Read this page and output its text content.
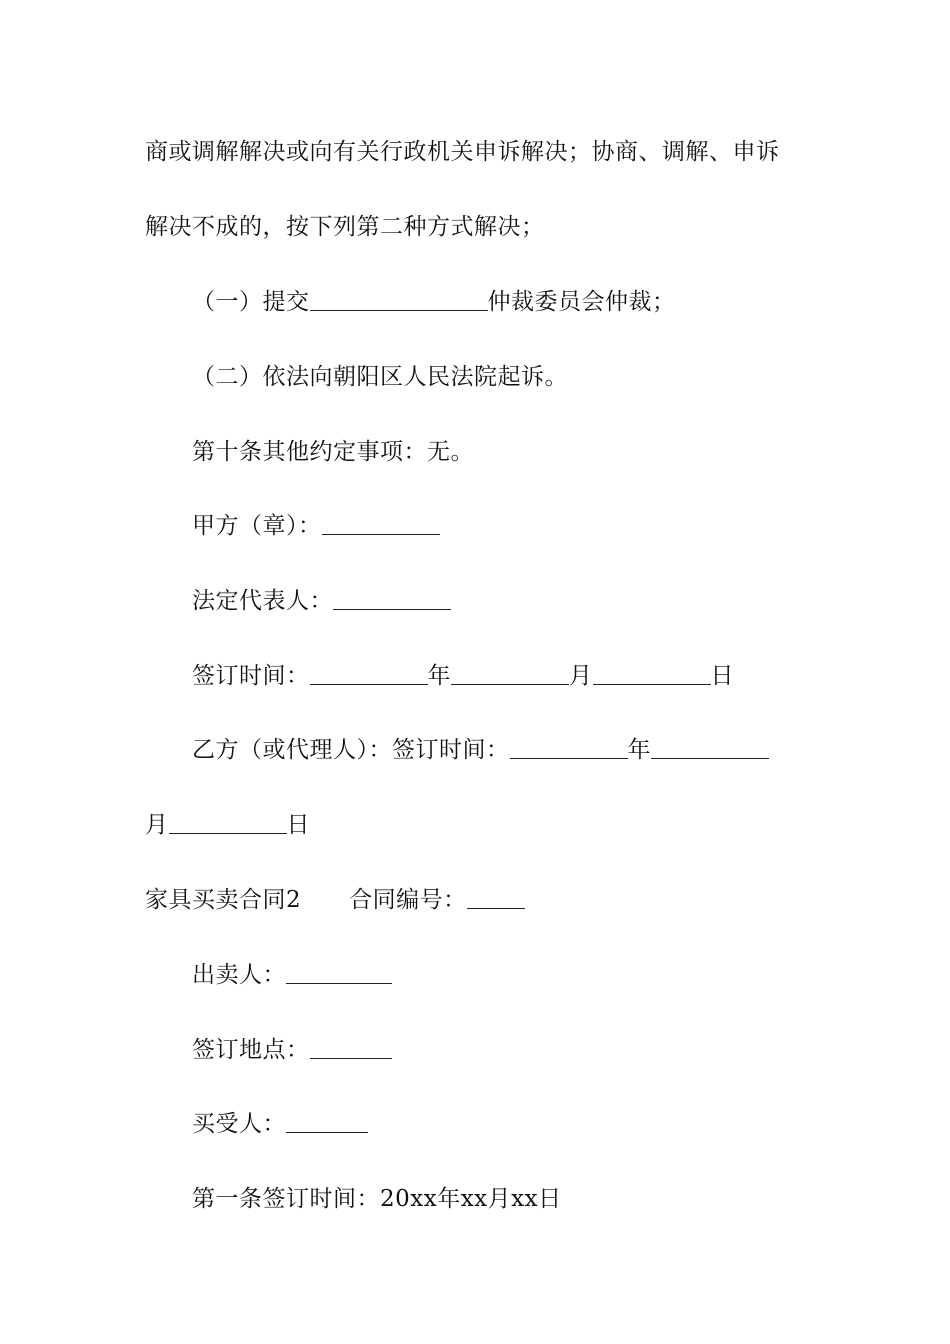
商或调解解决或向有关行政机关申诉解决；协商、调解、申诉
解决不成的，按下列第二种方式解决；
（一）提交	仲裁委员会仲裁；
（二）依法向朝阳区人民法院起诉。
第十条其他约定事项：无。
甲方（章）：
法定代表人：
签订时间：	年	月	日
乙方（或代理人）：签订时间：	年
月	日
家具买卖合同2 合同编号：
出卖人：
签订地点：
买受人：
第一条签订时间：20xx年xx月xx日
